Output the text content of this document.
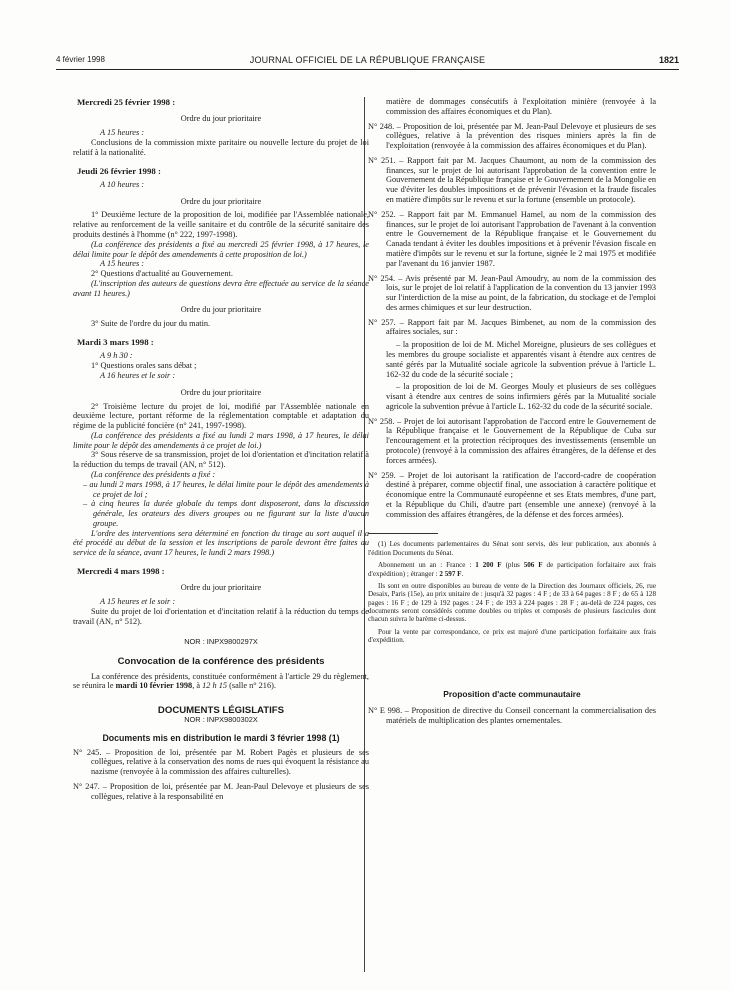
4 février 1998	JOURNAL OFFICIEL DE LA RÉPUBLIQUE FRANÇAISE	1821

Mercredi 25 février 1998 :

Ordre du jour prioritaire

A 15 heures :

Conclusions de la commission mixte paritaire ou nouvelle lecture du projet de loi relatif à la nationalité.

Jeudi 26 février 1998 :

A 10 heures :

Ordre du jour prioritaire

1° Deuxième lecture de la proposition de loi, modifiée par l'Assemblée nationale, relative au renforcement de la veille sanitaire et du contrôle de la sécurité sanitaire des produits destinés à l'homme (n° 222, 1997-1998).

(La conférence des présidents a fixé au mercredi 25 février 1998, à 17 heures, le délai limite pour le dépôt des amendements à cette proposition de loi.)

A 15 heures :

2° Questions d'actualité au Gouvernement.

(L'inscription des auteurs de questions devra être effectuée au service de la séance avant 11 heures.)

Ordre du jour prioritaire

3° Suite de l'ordre du jour du matin.

Mardi 3 mars 1998 :

A 9 h 30 :

1° Questions orales sans débat ;

A 16 heures et le soir :

Ordre du jour prioritaire

2° Troisième lecture du projet de loi, modifié par l'Assemblée nationale en deuxième lecture, portant réforme de la réglementation comptable et adaptation du régime de la publicité foncière (n° 241, 1997-1998).

(La conférence des présidents a fixé au lundi 2 mars 1998, à 17 heures, le délai limite pour le dépôt des amendements à ce projet de loi.)

3° Sous réserve de sa transmission, projet de loi d'orientation et d'incitation relatif à la réduction du temps de travail (AN, n° 512).

(La conférence des présidents a fixé :

– au lundi 2 mars 1998, à 17 heures, le délai limite pour le dépôt des amendements à ce projet de loi ;

– à cinq heures la durée globale du temps dont disposeront, dans la discussion générale, les orateurs des divers groupes ou ne figurant sur la liste d'aucun groupe.

L'ordre des interventions sera déterminé en fonction du tirage au sort auquel il a été procédé au début de la session et les inscriptions de parole devront être faites au service de la séance, avant 17 heures, le lundi 2 mars 1998.)

Mercredi 4 mars 1998 :

Ordre du jour prioritaire

A 15 heures et le soir :

Suite du projet de loi d'orientation et d'incitation relatif à la réduction du temps de travail (AN, n° 512).

NOR : INPX9800297X

Convocation de la conférence des présidents

La conférence des présidents, constituée conformément à l'article 29 du règlement, se réunira le mardi 10 février 1998, à 12 h 15 (salle n° 216).

DOCUMENTS LÉGISLATIFS

NOR : INPX9800302X

Documents mis en distribution le mardi 3 février 1998 (1)

N° 245. – Proposition de loi, présentée par M. Robert Pagès et plusieurs de ses collègues, relative à la conservation des noms de rues qui évoquent la résistance au nazisme (renvoyée à la commission des affaires culturelles).

N° 247. – Proposition de loi, présentée par M. Jean-Paul Delevoye et plusieurs de ses collègues, relative à la responsabilité en

matière de dommages consécutifs à l'exploitation minière (renvoyée à la commission des affaires économiques et du Plan).

N° 248. – Proposition de loi, présentée par M. Jean-Paul Delevoye et plusieurs de ses collègues, relative à la prévention des risques miniers après la fin de l'exploitation (renvoyée à la commission des affaires économiques et du Plan).

N° 251. – Rapport fait par M. Jacques Chaumont, au nom de la commission des finances, sur le projet de loi autorisant l'approbation de la convention entre le Gouvernement de la République française et le Gouvernement de la Mongolie en vue d'éviter les doubles impositions et de prévenir l'évasion et la fraude fiscales en matière d'impôts sur le revenu et sur la fortune (ensemble un protocole).

N° 252. – Rapport fait par M. Emmanuel Hamel, au nom de la commission des finances, sur le projet de loi autorisant l'approbation de l'avenant à la convention entre le Gouvernement de la République française et le Gouvernement du Canada tendant à éviter les doubles impositions et à prévenir l'évasion fiscale en matière d'impôts sur le revenu et sur la fortune, signée le 2 mai 1975 et modifiée par l'avenant du 16 janvier 1987.

N° 254. – Avis présenté par M. Jean-Paul Amoudry, au nom de la commission des lois, sur le projet de loi relatif à l'application de la convention du 13 janvier 1993 sur l'interdiction de la mise au point, de la fabrication, du stockage et de l'emploi des armes chimiques et sur leur destruction.

N° 257. – Rapport fait par M. Jacques Bimbenet, au nom de la commission des affaires sociales, sur :

– la proposition de loi de M. Michel Moreigne, plusieurs de ses collègues et les membres du groupe socialiste et apparentés visant à étendre aux centres de santé gérés par la Mutualité sociale agricole la subvention prévue à l'article L. 162-32 du code de la sécurité sociale ;

– la proposition de loi de M. Georges Mouly et plusieurs de ses collègues visant à étendre aux centres de soins infirmiers gérés par la Mutualité sociale agricole la subvention prévue à l'article L. 162-32 du code de la sécurité sociale.

N° 258. – Projet de loi autorisant l'approbation de l'accord entre le Gouvernement de la République française et le Gouvernement de la République de Cuba sur l'encouragement et la protection réciproques des investissements (ensemble un protocole) (renvoyé à la commission des affaires étrangères, de la défense et des forces armées).

N° 259. – Projet de loi autorisant la ratification de l'accord-cadre de coopération destiné à préparer, comme objectif final, une association à caractère politique et économique entre la Communauté européenne et ses Etats membres, d'une part, et la République du Chili, d'autre part (ensemble une annexe) (renvoyé à la commission des affaires étrangères, de la défense et des forces armées).

(1) Les documents parlementaires du Sénat sont servis, dès leur publication, aux abonnés à l'édition Documents du Sénat.

Abonnement un an : France : 1 200 F (plus 506 F de participation forfaitaire aux frais d'expédition) ; étranger : 2 597 F.

Ils sont en outre disponibles au bureau de vente de la Direction des Journaux officiels, 26, rue Desaix, Paris (15e), au prix unitaire de : jusqu'à 32 pages : 4 F ; de 33 à 64 pages : 8 F ; de 65 à 128 pages : 16 F ; de 129 à 192 pages : 24 F ; de 193 à 224 pages : 28 F ; au-delà de 224 pages, ces documents seront considérés comme doubles ou triples et composés de plusieurs fascicules dont chacun suivra le barème ci-dessus.

Pour la vente par correspondance, ce prix est majoré d'une participation forfaitaire aux frais d'expédition.

Proposition d'acte communautaire

N° E 998. – Proposition de directive du Conseil concernant la commercialisation des matériels de multiplication des plantes ornementales.
